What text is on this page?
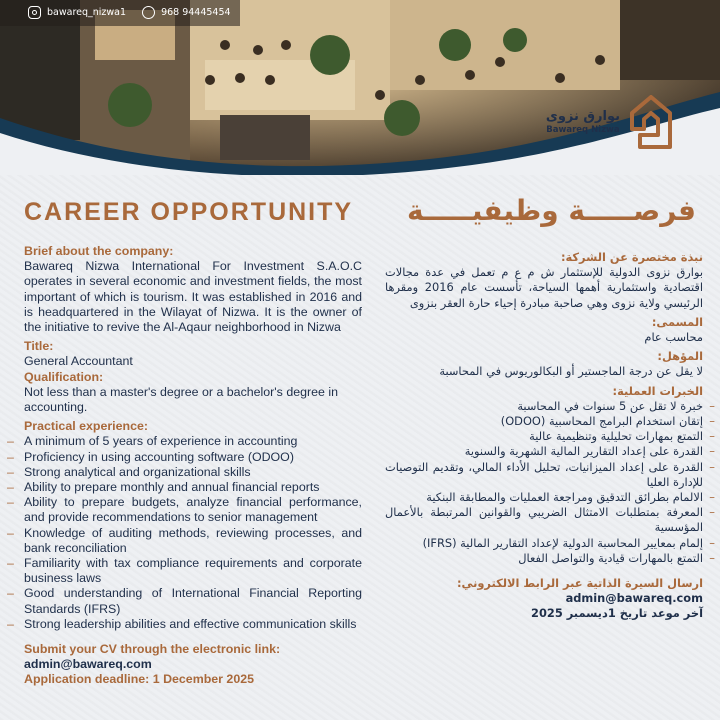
bawareq_nizwa1	968 94445454
بوارق نزوى
Bawareq Nizwa
CAREER OPPORTUNITY فرصـــــة وظيفيـــــة

Brief about the company:

Bawareq Nizwa International For Investment S.A.O.C operates in several economic and investment fields, the most important of which is tourism. It was established in 2016 and is headquartered in the Wilayat of Nizwa. It is the owner of the initiative to revive the Al-Aqaur neighborhood in Nizwa

Title:

General Accountant

Qualification:

Not less than a master's degree or a bachelor's degree in accounting.

Practical experience:

– A minimum of 5 years of experience in accounting
– Proficiency in using accounting software (ODOO)
– Strong analytical and organizational skills
– Ability to prepare monthly and annual financial reports
– Ability to prepare budgets, analyze financial performance, and provide recommendations to senior management
– Knowledge of auditing methods, reviewing processes, and bank reconciliation
– Familiarity with tax compliance requirements and corporate business laws
– Good understanding of International Financial Reporting Standards (IFRS)
– Strong leadership abilities and effective communication skills

Submit your CV through the electronic link:

admin@bawareq.com

Application deadline: 1 December 2025

نبذة مختصرة عن الشركة:

بوارق نزوى الدولية للإستثمار ش م ع م تعمل في عدة مجالات اقتصادية واستثمارية أهمها السياحة، تأسست عام 2016 ومقرها الرئيسي ولاية نزوى وهي صاحبة مبادرة إحياء حارة العقر بنزوى

المسمى:

محاسب عام

المؤهل:

لا يقل عن درجة الماجستير أو البكالوريوس في المحاسبة

الخبرات العملية:

– خبرة لا تقل عن 5 سنوات في المحاسبة
– إتقان استخدام البرامج المحاسبية (ODOO)
– التمتع بمهارات تحليلية وتنظيمية عالية
– القدرة على إعداد التقارير المالية الشهرية والسنوية
– القدرة على إعداد الميزانيات، تحليل الأداء المالي، وتقديم التوصيات للإدارة العليا
– الالمام بطرائق التدقيق ومراجعة العمليات والمطابقة البنكية
– المعرفة بمتطلبات الامتثال الضريبي والقوانين المرتبطة بالأعمال المؤسسية
– إلمام بمعايير المحاسبة الدولية لإعداد التقارير المالية (IFRS)
– التمتع بالمهارات قيادية والتواصل الفعال

ارسال السيرة الذاتية عبر الرابط الالكتروني:

admin@bawareq.com

آخر موعد تاريخ 1ديسمبر 2025
